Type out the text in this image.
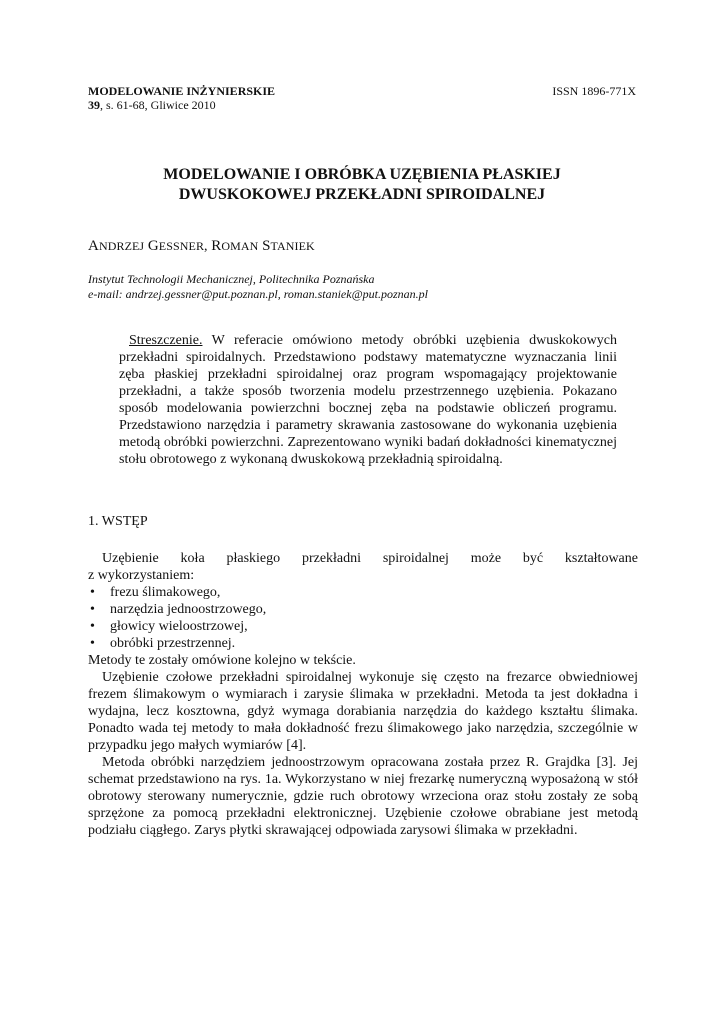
MODELOWANIE INŻYNIERSKIE
39, s. 61-68, Gliwice 2010
ISSN 1896-771X
MODELOWANIE I OBRÓBKA UZĘBIENIA PŁASKIEJ
DWUSKOKOWEJ PRZEKŁADNI SPIROIDALNEJ
ANDRZEJ GESSNER, ROMAN STANIEK
Instytut Technologii Mechanicznej, Politechnika Poznańska
e-mail: andrzej.gessner@put.poznan.pl, roman.staniek@put.poznan.pl
Streszczenie. W referacie omówiono metody obróbki uzębienia dwuskokowych przekładni spiroidalnych. Przedstawiono podstawy matematyczne wyznaczania linii zęba płaskiej przekładni spiroidalnej oraz program wspomagający projektowanie przekładni, a także sposób tworzenia modelu przestrzennego uzębienia. Pokazano sposób modelowania powierzchni bocznej zęba na podstawie obliczeń programu. Przedstawiono narzędzia i parametry skrawania zastosowane do wykonania uzębienia metodą obróbki powierzchni. Zaprezentowano wyniki badań dokładności kinematycznej stołu obrotowego z wykonaną dwuskokową przekładnią spiroidalną.
1. WSTĘP
Uzębienie koła płaskiego przekładni spiroidalnej może być kształtowane
z wykorzystaniem:
• frezu ślimakowego,
• narzędzia jednoostrzowego,
• głowicy wieloostrzowej,
• obróbki przestrzennej.
Metody te zostały omówione kolejno w tekście.
Uzębienie czołowe przekładni spiroidalnej wykonuje się często na frezarce obwiedniowej frezem ślimakowym o wymiarach i zarysie ślimaka w przekładni. Metoda ta jest dokładna i wydajna, lecz kosztowna, gdyż wymaga dorabiania narzędzia do każdego kształtu ślimaka. Ponadto wada tej metody to mała dokładność frezu ślimakowego jako narzędzia, szczególnie w przypadku jego małych wymiarów [4].
Metoda obróbki narzędziem jednoostrzowym opracowana została przez R. Grajdka [3]. Jej schemat przedstawiono na rys. 1a. Wykorzystano w niej frezarkę numeryczną wyposażoną w stół obrotowy sterowany numerycznie, gdzie ruch obrotowy wrzeciona oraz stołu zostały ze sobą sprzężone za pomocą przekładni elektronicznej. Uzębienie czołowe obrabiane jest metodą podziału ciągłego. Zarys płytki skrawającej odpowiada zarysowi ślimaka w przekładni.
